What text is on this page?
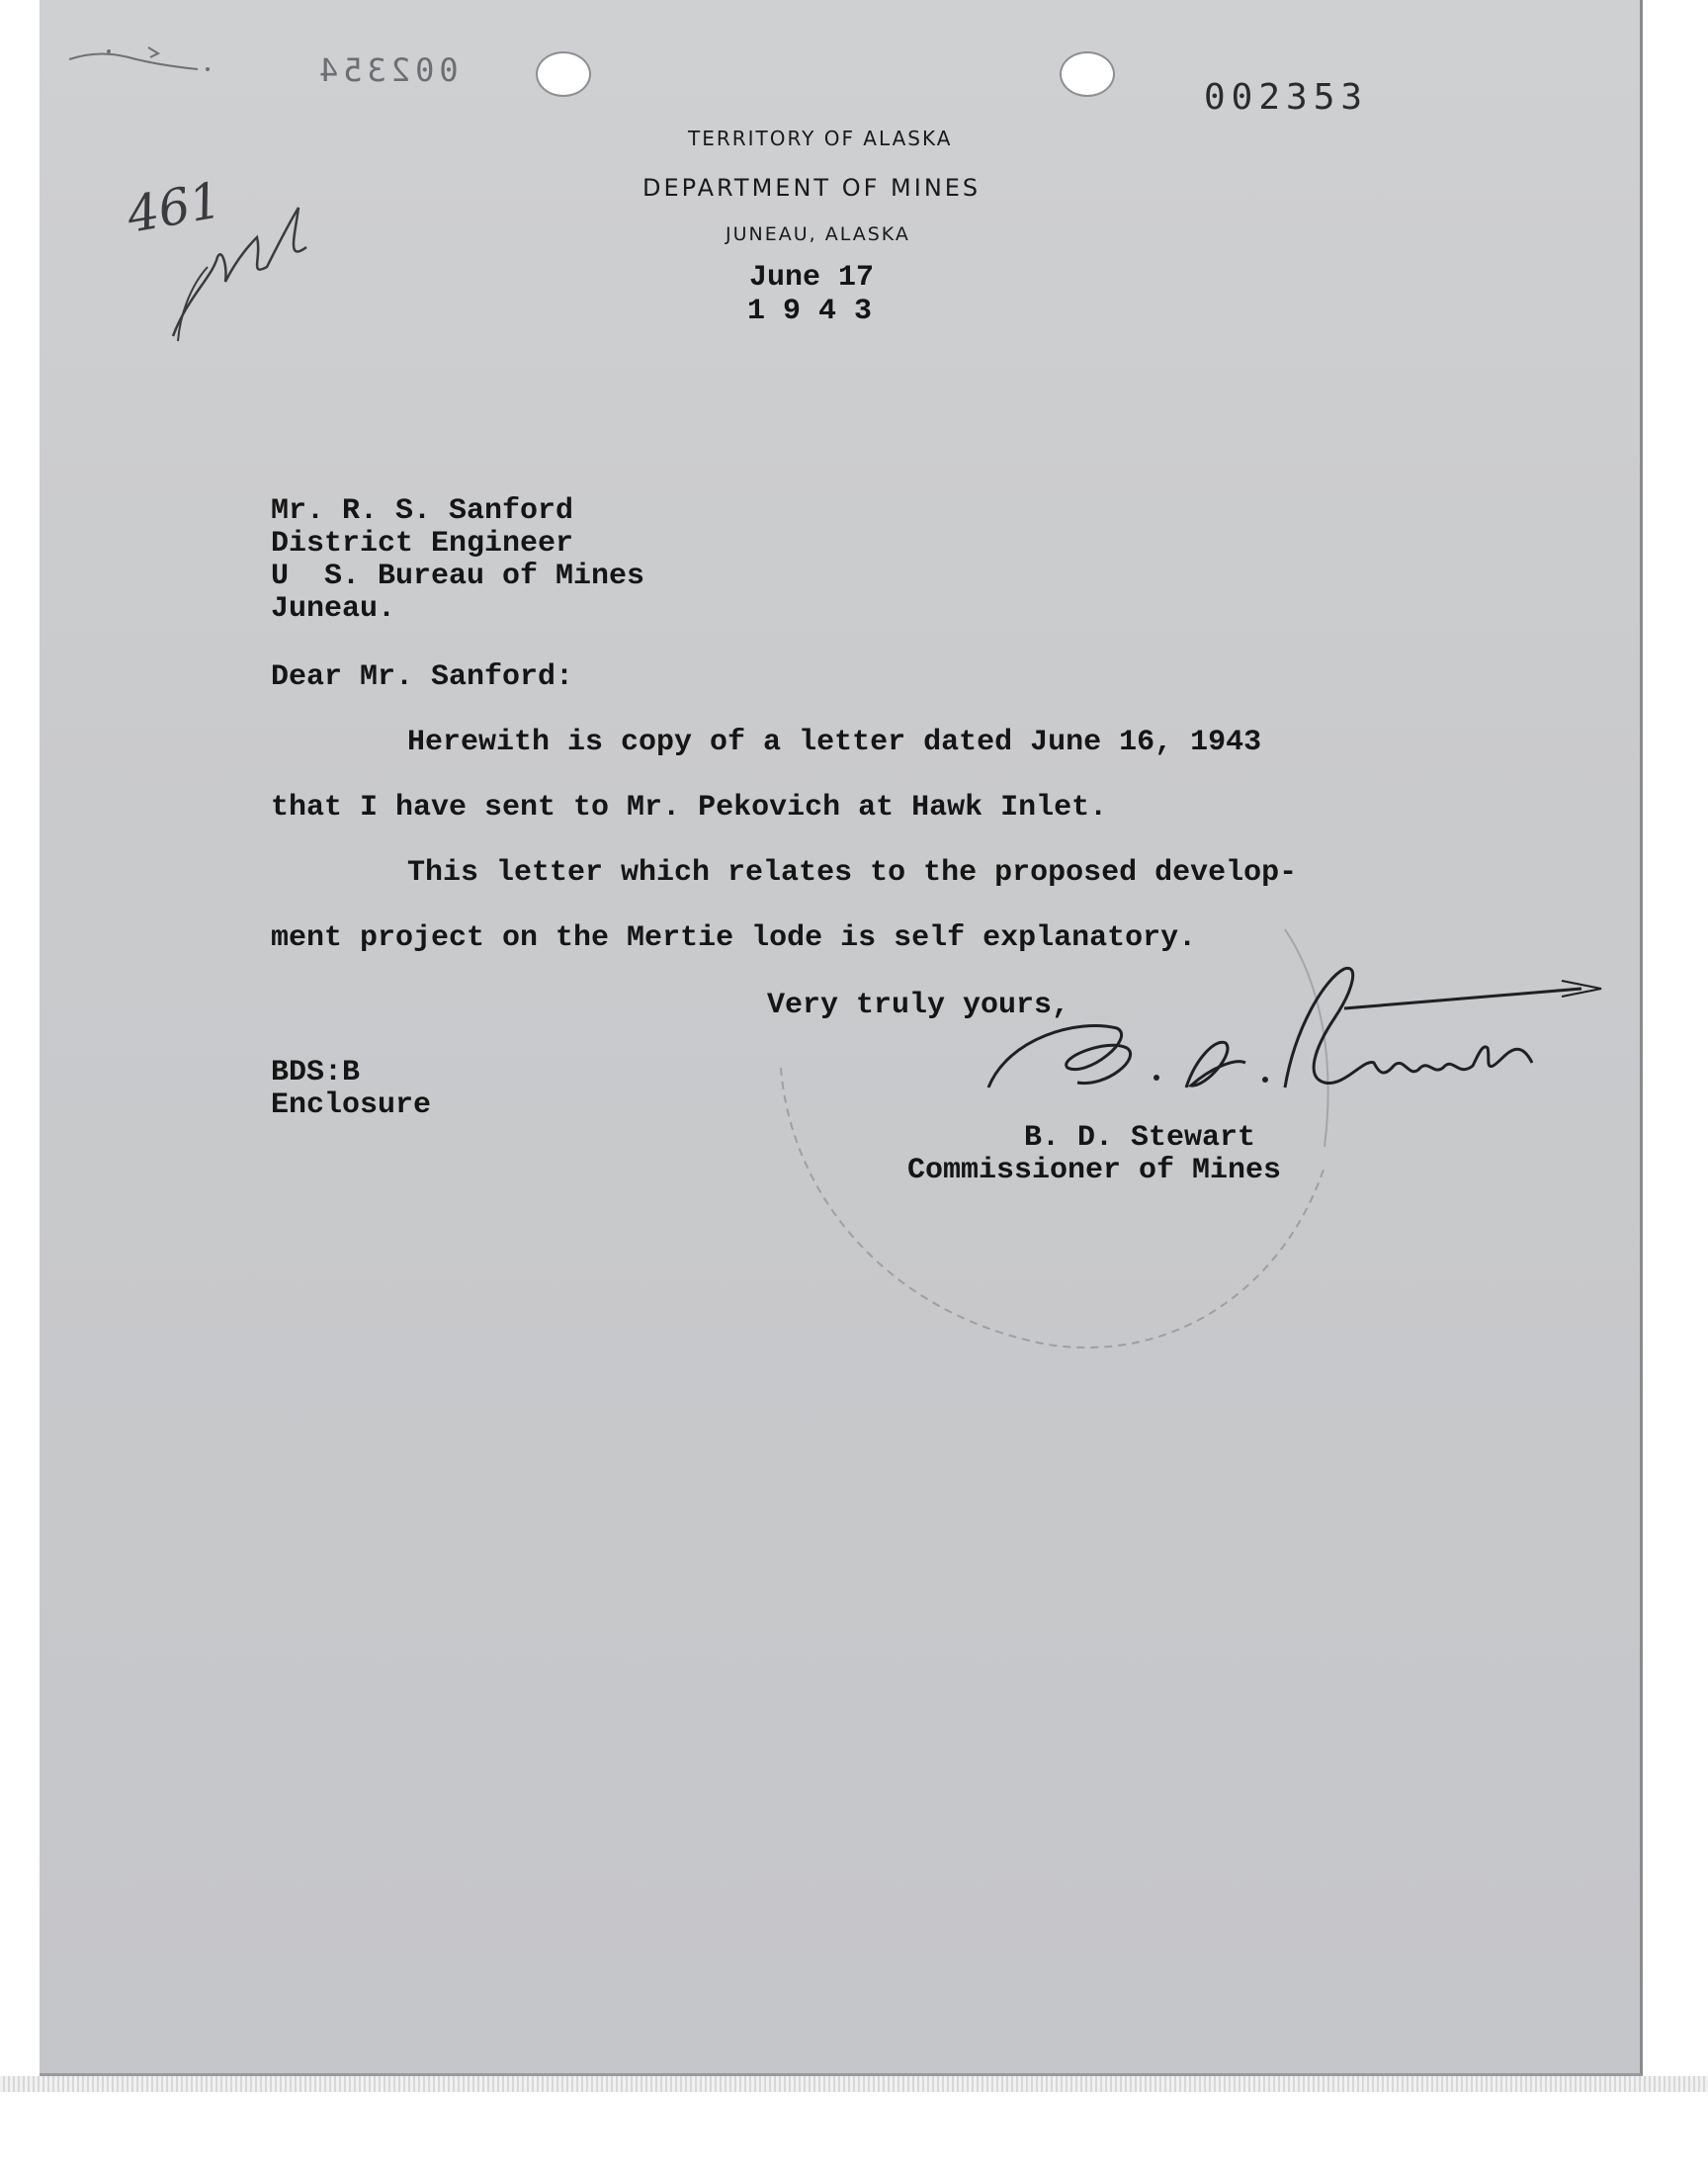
002354
002353
461
TERRITORY OF ALASKA
DEPARTMENT OF MINES
JUNEAU, ALASKA
June 17
1 9 4 3
Mr. R. S. Sanford
District Engineer
U  S. Bureau of Mines
Juneau.
Dear Mr. Sanford:
Herewith is copy of a letter dated June 16, 1943
that I have sent to Mr. Pekovich at Hawk Inlet.
This letter which relates to the proposed develop-
ment project on the Mertie lode is self explanatory.
Very truly yours,
B. D. Stewart
Commissioner of Mines
BDS:B
Enclosure
